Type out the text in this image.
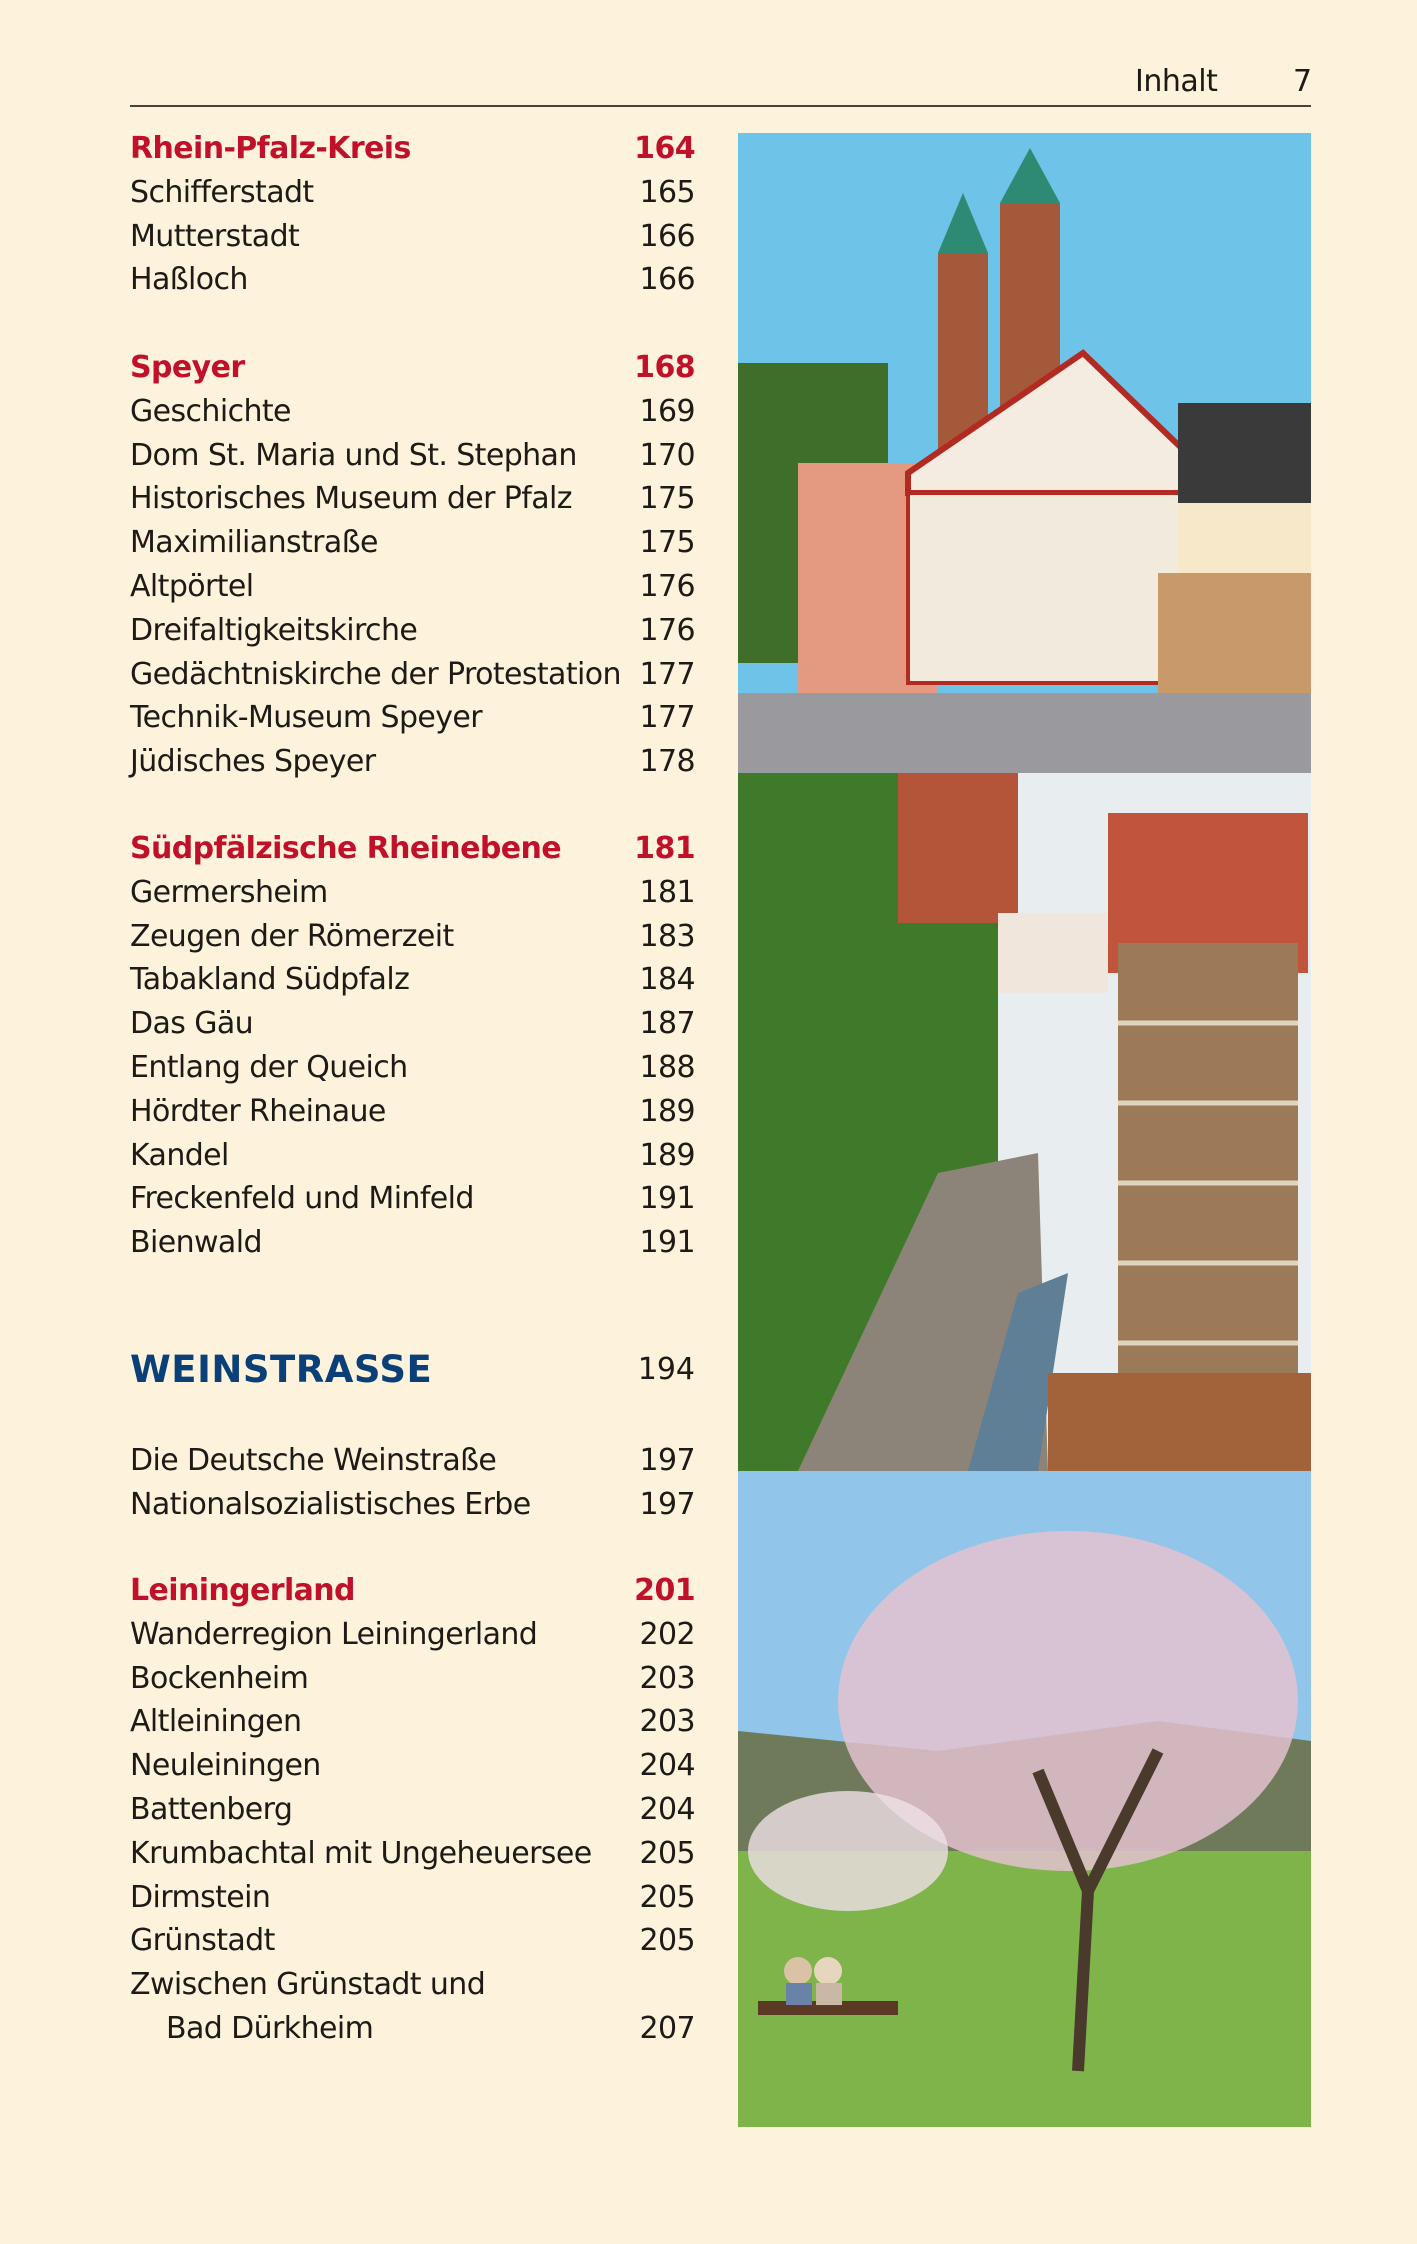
Inhalt	7
Rhein-Pfalz-Kreis	164
Schifferstadt	165
Mutterstadt	166
Haßloch	166
Speyer	168
Geschichte	169
Dom St. Maria und St. Stephan 170
Historisches Museum der Pfalz 175
Maximilianstraße	175
Altpörtel	176
Dreifaltigkeitskirche	176
Gedächtniskirche der Protestation 177
Technik-Museum Speyer	177
Jüdisches Speyer	178
Südpfälzische Rheinebene 181
Germersheim	181
Zeugen der Römerzeit	183
Tabakland Südpfalz	184
Das Gäu	187
Entlang der Queich	188
Hördter Rheinaue	189
Kandel	189
Freckenfeld und Minfeld	191
Bienwald	191
WEINSTRASSE	194
Die Deutsche Weinstraße	197
Nationalsozialistisches Erbe	197
Leiningerland	201
Wanderregion Leiningerland	202
Bockenheim	203
Altleiningen	203
Neuleiningen	204
Battenberg	204
Krumbachtal mit Ungeheuersee 205
Dirmstein	205
Grünstadt	205
Zwischen Grünstadt und
Bad Dürkheim	207
